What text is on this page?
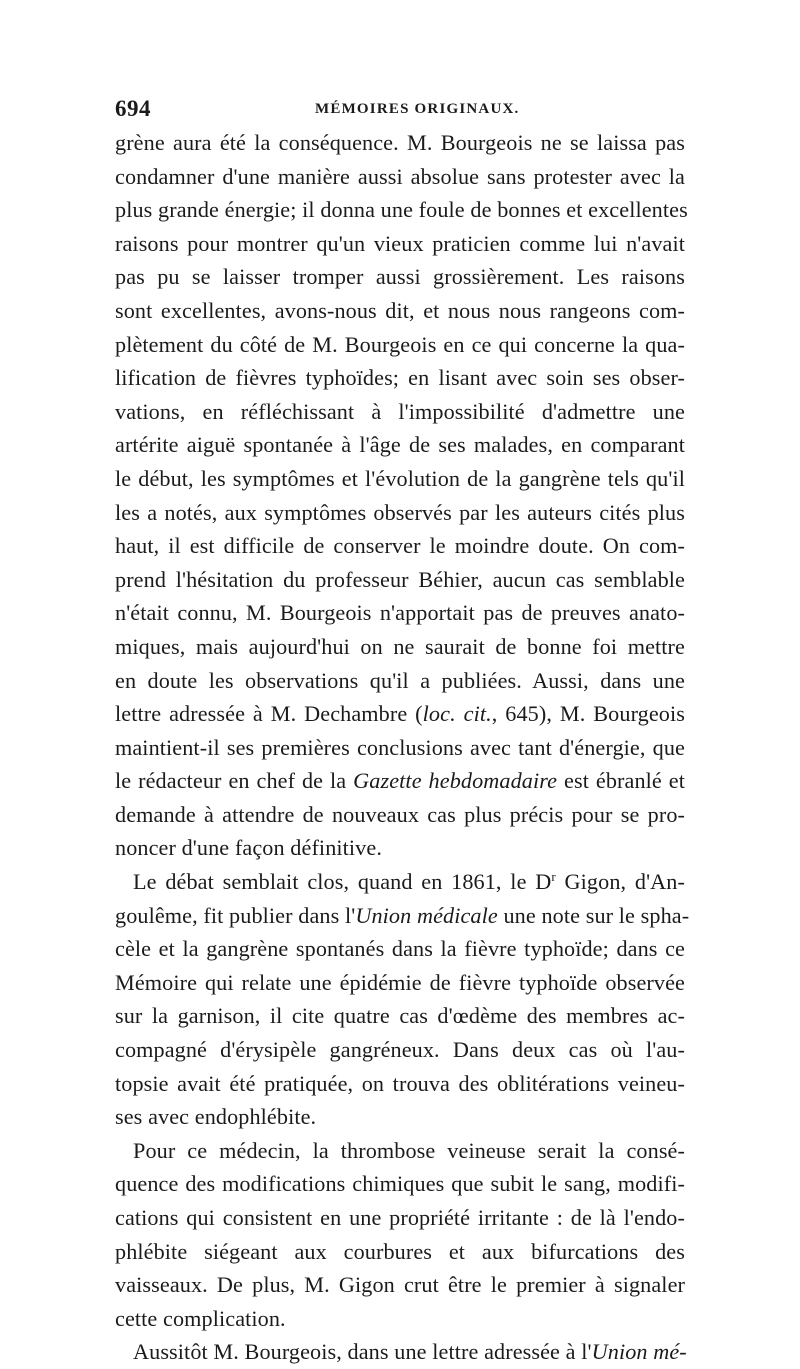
694	MÉMOIRES ORIGINAUX.
grène aura été la conséquence. M. Bourgeois ne se laissa pas
condamner d'une manière aussi absolue sans protester avec la
plus grande énergie; il donna une foule de bonnes et excellentes
raisons pour montrer qu'un vieux praticien comme lui n'avait
pas pu se laisser tromper aussi grossièrement. Les raisons
sont excellentes, avons-nous dit, et nous nous rangeons com-
plètement du côté de M. Bourgeois en ce qui concerne la qua-
lification de fièvres typhoïdes; en lisant avec soin ses obser-
vations, en réfléchissant à l'impossibilité d'admettre une
artérite aiguë spontanée à l'âge de ses malades, en comparant
le début, les symptômes et l'évolution de la gangrène tels qu'il
les a notés, aux symptômes observés par les auteurs cités plus
haut, il est difficile de conserver le moindre doute. On com-
prend l'hésitation du professeur Béhier, aucun cas semblable
n'était connu, M. Bourgeois n'apportait pas de preuves anato-
miques, mais aujourd'hui on ne saurait de bonne foi mettre
en doute les observations qu'il a publiées. Aussi, dans une
lettre adressée à M. Dechambre (loc. cit., 645), M. Bourgeois
maintient-il ses premières conclusions avec tant d'énergie, que
le rédacteur en chef de la Gazette hebdomadaire est ébranlé et
demande à attendre de nouveaux cas plus précis pour se pro-
noncer d'une façon définitive.
Le débat semblait clos, quand en 1861, le $D^r$ Gigon, d'An-
goulême, fit publier dans l'Union médicale une note sur le spha-
cèle et la gangrène spontanés dans la fièvre typhoïde; dans ce
Mémoire qui relate une épidémie de fièvre typhoïde observée
sur la garnison, il cite quatre cas d'œdème des membres ac-
compagné d'érysipèle gangréneux. Dans deux cas où l'au-
topsie avait été pratiquée, on trouva des oblitérations veineu-
ses avec endophlébite.
Pour ce médecin, la thrombose veineuse serait la consé-
quence des modifications chimiques que subit le sang, modifi-
cations qui consistent en une propriété irritante : de là l'endo-
phlébite siégeant aux courbures et aux bifurcations des
vaisseaux. De plus, M. Gigon crut être le premier à signaler
cette complication.
Aussitôt M. Bourgeois, dans une lettre adressée à l'Union mé-
